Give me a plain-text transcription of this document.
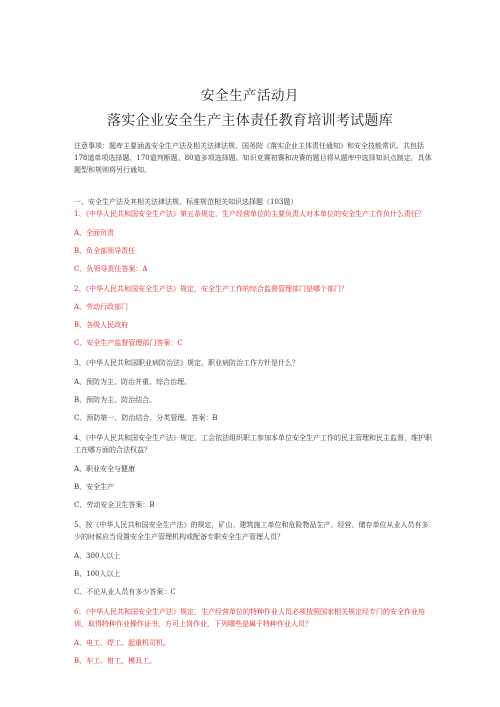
安全生产活动月
落实企业安全生产主体责任教育培训考试题库
注意事项：题库主要涵盖安全生产法及相关法律法规、国务院《落实企业主体责任通知》和安全技能常识。共包括178道单项选择题、170道判断题、80道多项选择题。知识竞赛初赛和决赛的题目将从题库中选择知识点制定，具体题型和规则将另行通知。
一、安全生产法及其相关法律法规、标准规范相关知识选择题（103题）
1、《中华人民共和国安全生产法》第五条规定，生产经营单位的主要负责人对本单位的安全生产工作负什么责任？
A、全面负责
B、负全部领导责任
C、负领导责任答案：A
2、《中华人民共和国安全生产法》规定，安全生产工作的综合监督管理部门是哪个部门？
A、劳动行政部门
B、各级人民政府
C、安全生产监督管理部门答案：C
3、《中华人民共和国职业病防治法》规定，职业病防治工作方针是什么？
A、预防为主、防治并重、综合治理。
B、预防为主、防治结合。
C、预防第一、防治结合、分类管理。答案：B
4、《中华人民共和国安全生产法》规定，工会依法组织职工参加本单位安全生产工作的民主管理和民主监督，维护职工在哪方面的合法权益？
A、职业安全与健康
B、安全生产
C、劳动安全卫生答案：B
5、按《中华人民共和国安全生产法》的规定，矿山、建筑施工单位和危险物品生产、经营、储存单位从业人员有多少的时候应当设置安全生产管理机构或配备专职安全生产管理人员？
A、300人以上
B、100人以上
C、不论从业人员有多少答案：C
6、《中华人民共和国安全生产法》规定，生产经营单位的特种作业人员必须按照国家相关规定经专门的安全作业培训，取得特种作业操作证书，方可上岗作业，下列哪些是属于特种作业人员？
A、电工、焊工、起重机司机。
B、车工、钳工、模具工。
